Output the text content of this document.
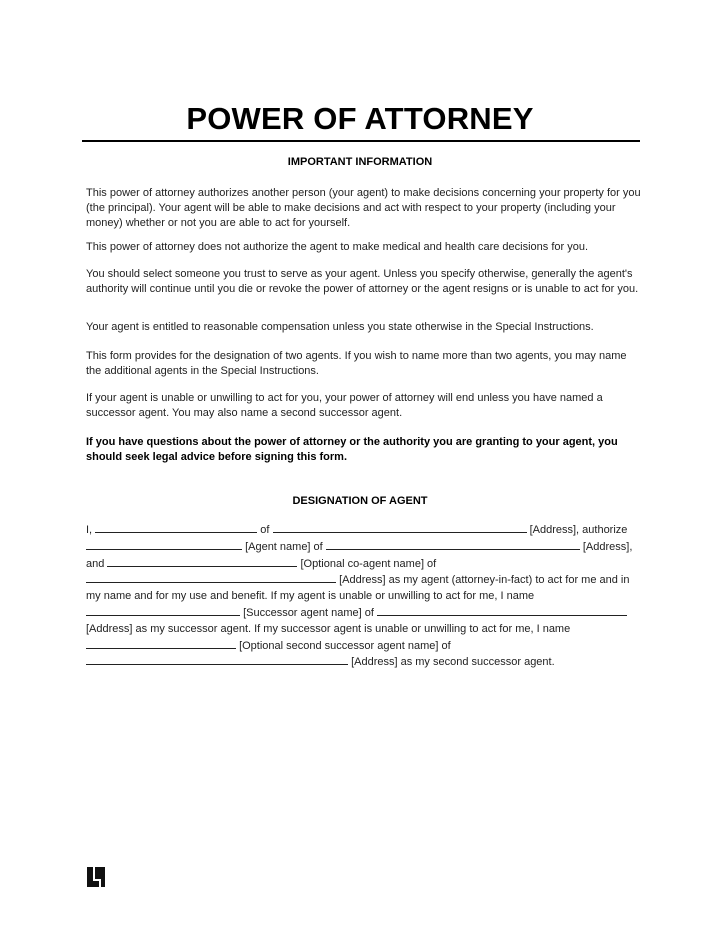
POWER OF ATTORNEY
IMPORTANT INFORMATION

This power of attorney authorizes another person (your agent) to make decisions concerning your property for you (the principal). Your agent will be able to make decisions and act with respect to your property (including your money) whether or not you are able to act for yourself.

This power of attorney does not authorize the agent to make medical and health care decisions for you.

You should select someone you trust to serve as your agent. Unless you specify otherwise, generally the agent's authority will continue until you die or revoke the power of attorney or the agent resigns or is unable to act for you.

Your agent is entitled to reasonable compensation unless you state otherwise in the Special Instructions.

This form provides for the designation of two agents. If you wish to name more than two agents, you may name the additional agents in the Special Instructions.

If your agent is unable or unwilling to act for you, your power of attorney will end unless you have named a successor agent. You may also name a second successor agent.

If you have questions about the power of attorney or the authority you are granting to your agent, you should seek legal advice before signing this form.

DESIGNATION OF AGENT

I,	of	[Address], authorize  [Agent name] of	[Address], and	[Optional co-agent name] of  [Address] as my agent (attorney-in-fact) to act for me and in my name and for my use and benefit. If my agent is unable or unwilling to act for me, I name  [Successor agent name] of  [Address] as my successor agent. If my successor agent is unable or unwilling to act for me, I name  [Optional second successor agent name] of  [Address] as my second successor agent.
